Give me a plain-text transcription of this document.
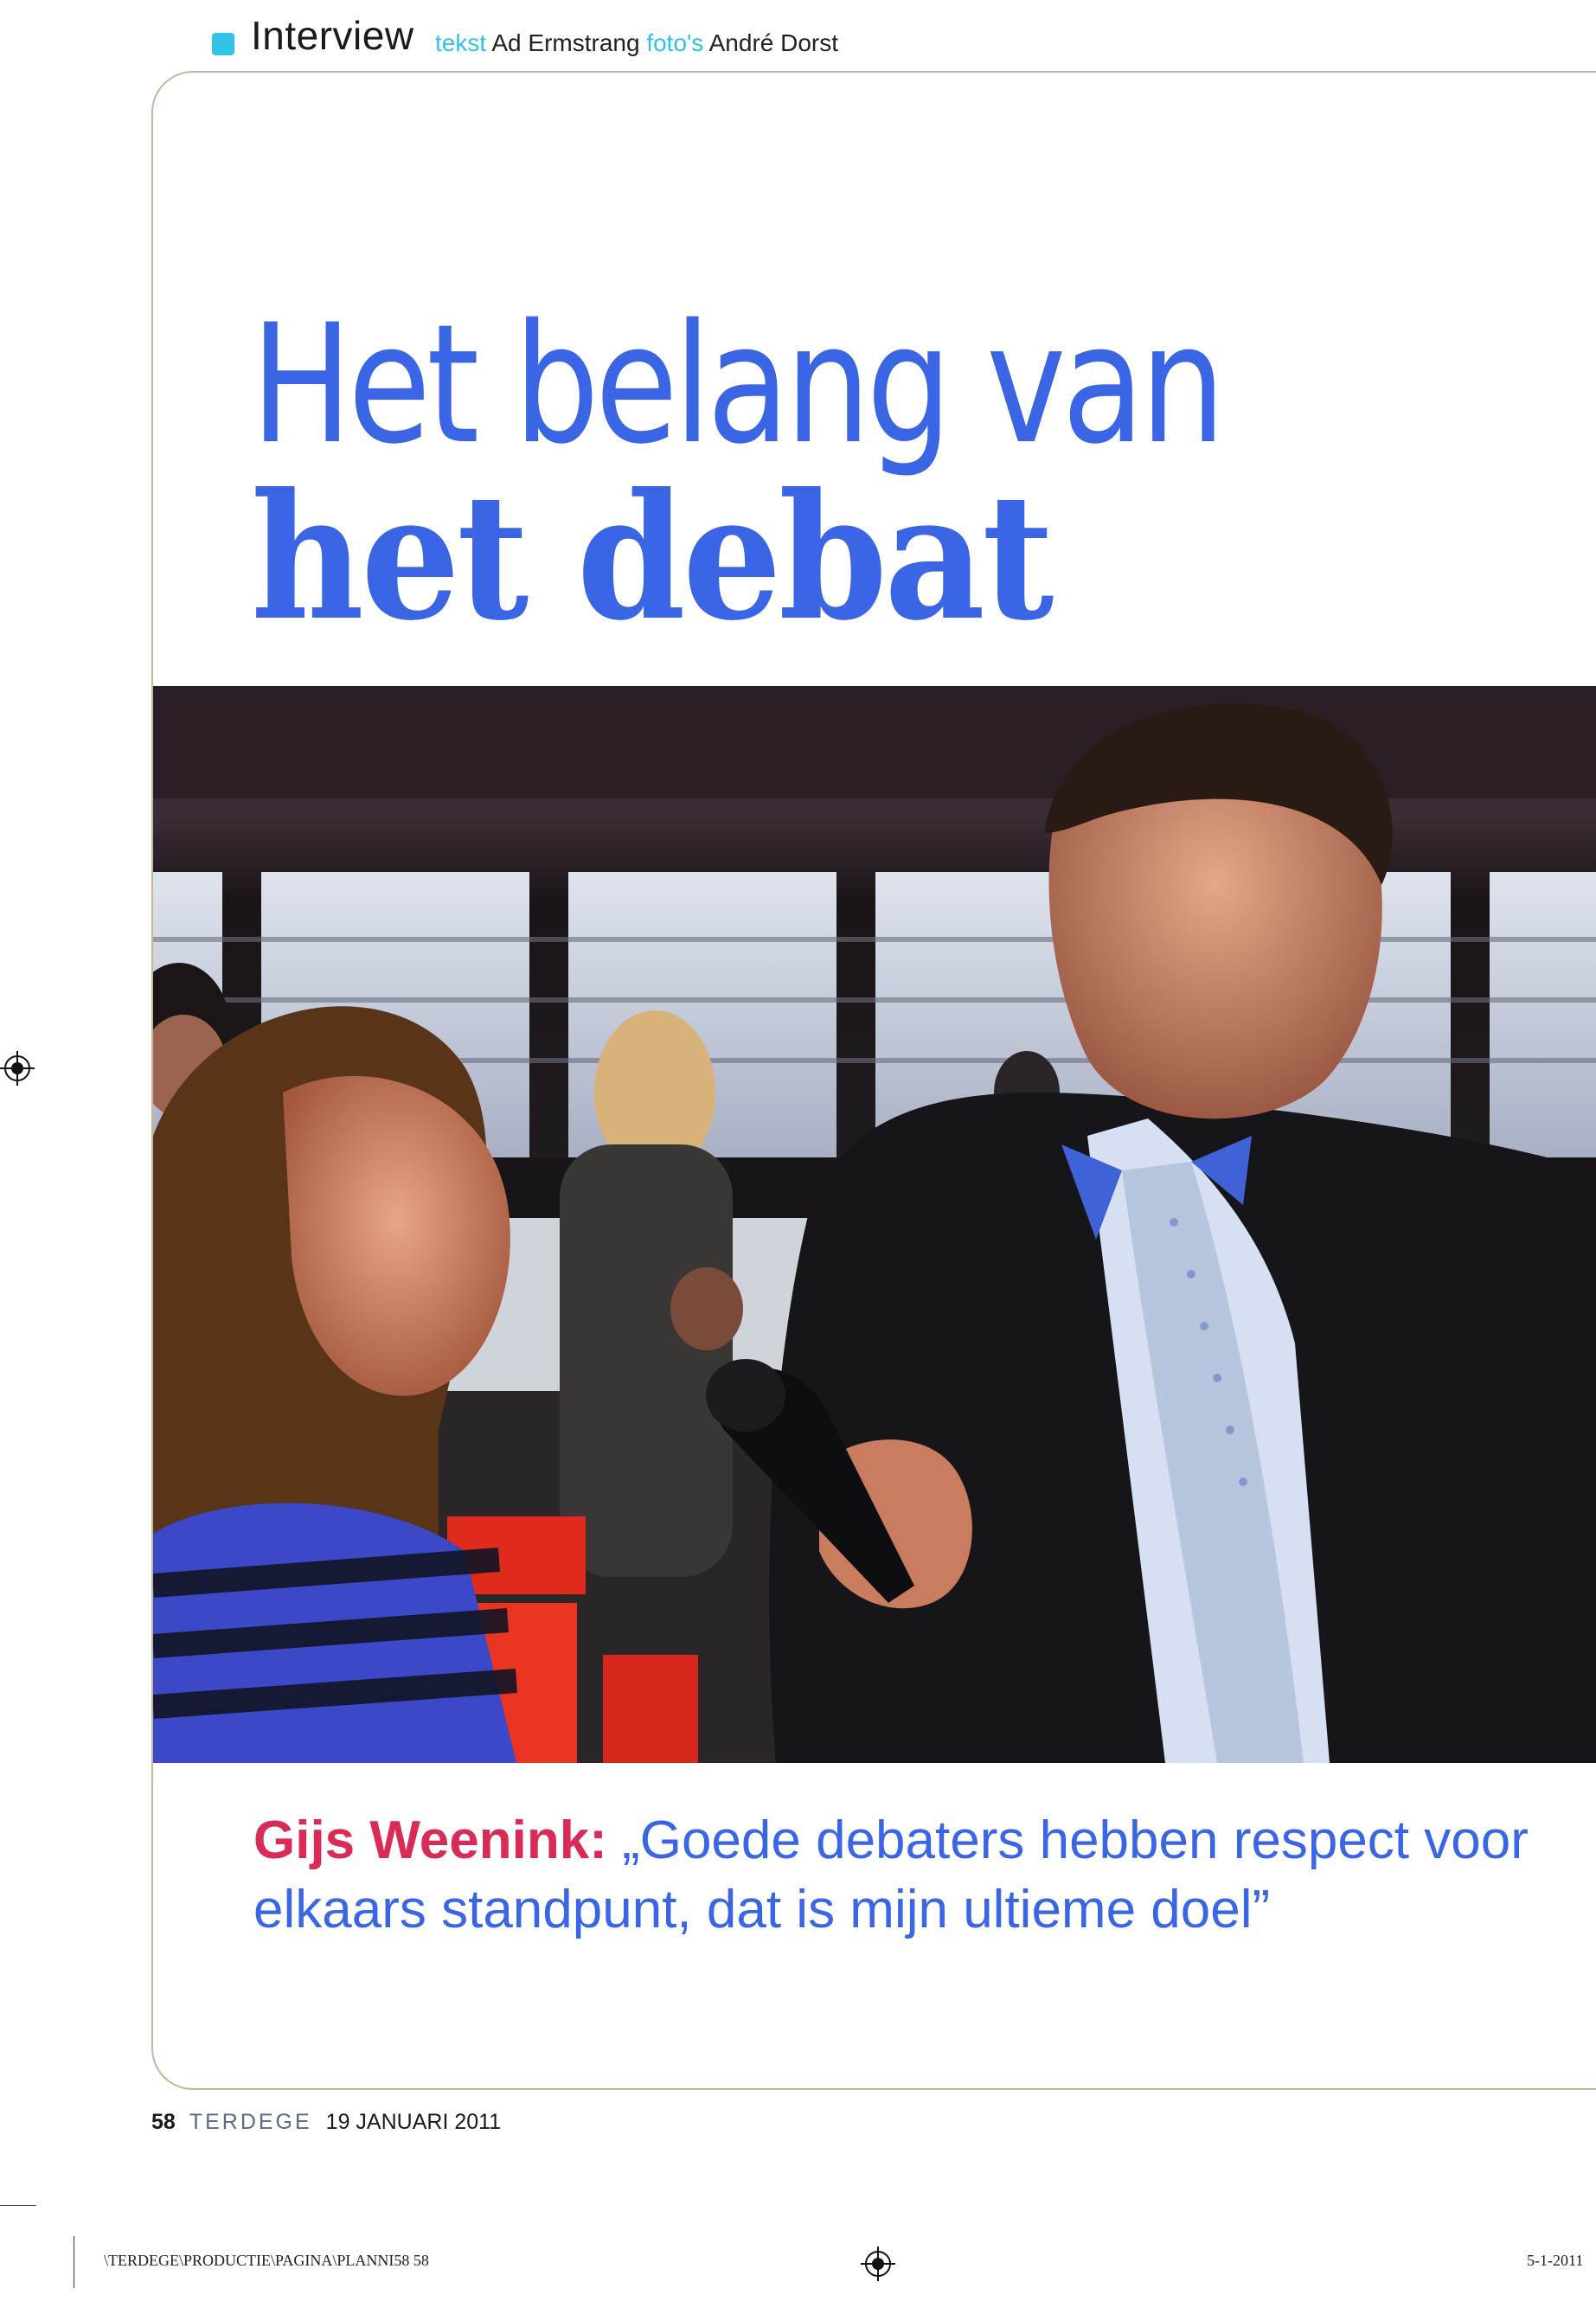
Interview tekst Ad Ermstrang foto's André Dorst
Het belang van
het debat
Gijs Weenink: „Goede debaters hebben respect voor elkaars standpunt, dat is mijn ultieme doel”
58 TERDEGE 19 JANUARI 2011
\TERDEGE\PRODUCTIE\PAGINA\PLANNI58 58	5-1-2011
